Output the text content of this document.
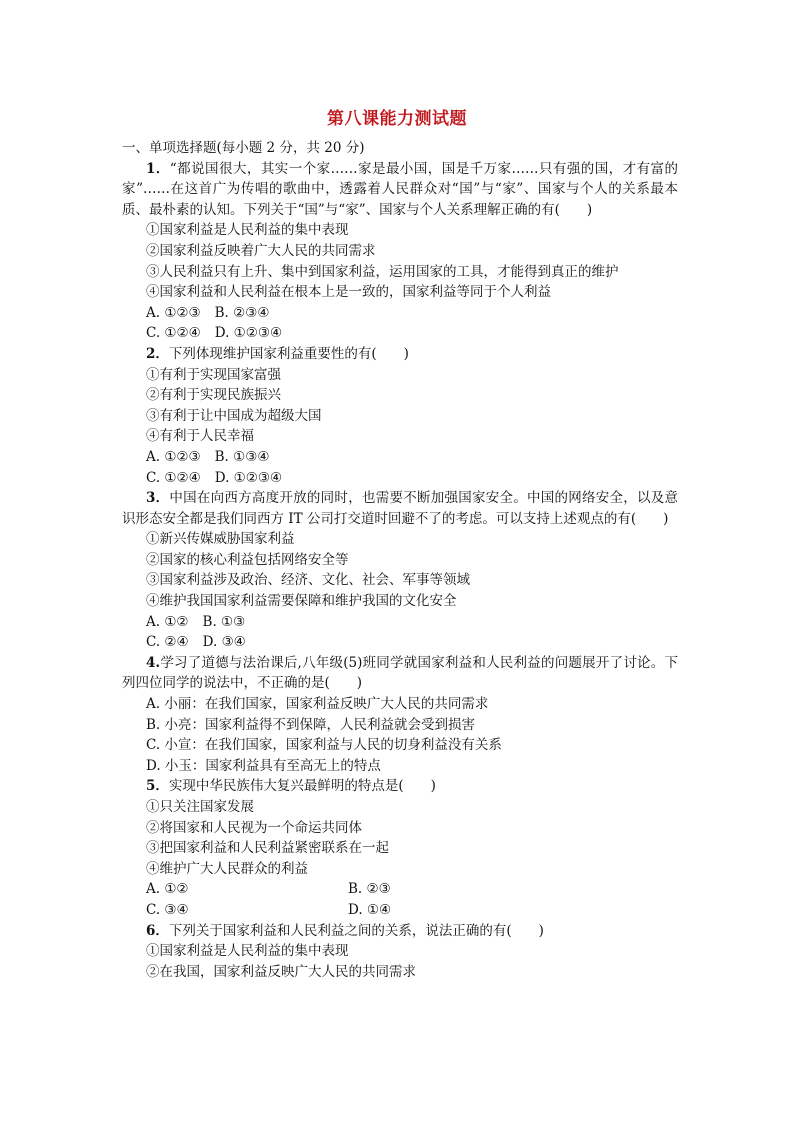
第八课能力测试题
一、单项选择题(每小题 2 分，共 20 分)
1．“都说国很大，其实一个家……家是最小国，国是千万家……只有强的国，才有富的家”……在这首广为传唱的歌曲中，透露着人民群众对“国”与“家”、国家与个人的关系最本质、最朴素的认知。下列关于“国”与“家”、国家与个人关系理解正确的有(　　)
①国家利益是人民利益的集中表现
②国家利益反映着广大人民的共同需求
③人民利益只有上升、集中到国家利益，运用国家的工具，才能得到真正的维护
④国家利益和人民利益在根本上是一致的，国家利益等同于个人利益
A. ①②③ B. ②③④
C. ①②④ D. ①②③④
2．下列体现维护国家利益重要性的有(　　)
①有利于实现国家富强
②有利于实现民族振兴
③有利于让中国成为超级大国
④有利于人民幸福
A. ①②③ B. ①③④
C. ①②④ D. ①②③④
3．中国在向西方高度开放的同时，也需要不断加强国家安全。中国的网络安全，以及意识形态安全都是我们同西方 IT 公司打交道时回避不了的考虑。可以支持上述观点的有(　　)
①新兴传媒威胁国家利益
②国家的核心利益包括网络安全等
③国家利益涉及政治、经济、文化、社会、军事等领域
④维护我国国家利益需要保障和维护我国的文化安全
A. ①② B. ①③
C. ②④ D. ③④
4.学习了道德与法治课后,八年级(5)班同学就国家利益和人民利益的问题展开了讨论。下列四位同学的说法中，不正确的是(　　)
A. 小丽：在我们国家，国家利益反映广大人民的共同需求
B. 小亮：国家利益得不到保障，人民利益就会受到损害
C. 小宣：在我们国家，国家利益与人民的切身利益没有关系
D. 小玉：国家利益具有至高无上的特点
5．实现中华民族伟大复兴最鲜明的特点是(　　)
①只关注国家发展
②将国家和人民视为一个命运共同体
③把国家利益和人民利益紧密联系在一起
④维护广大人民群众的利益
A. ①②	B. ②③
C. ③④	D. ①④
6．下列关于国家利益和人民利益之间的关系，说法正确的有(　　)
①国家利益是人民利益的集中表现
②在我国，国家利益反映广大人民的共同需求
